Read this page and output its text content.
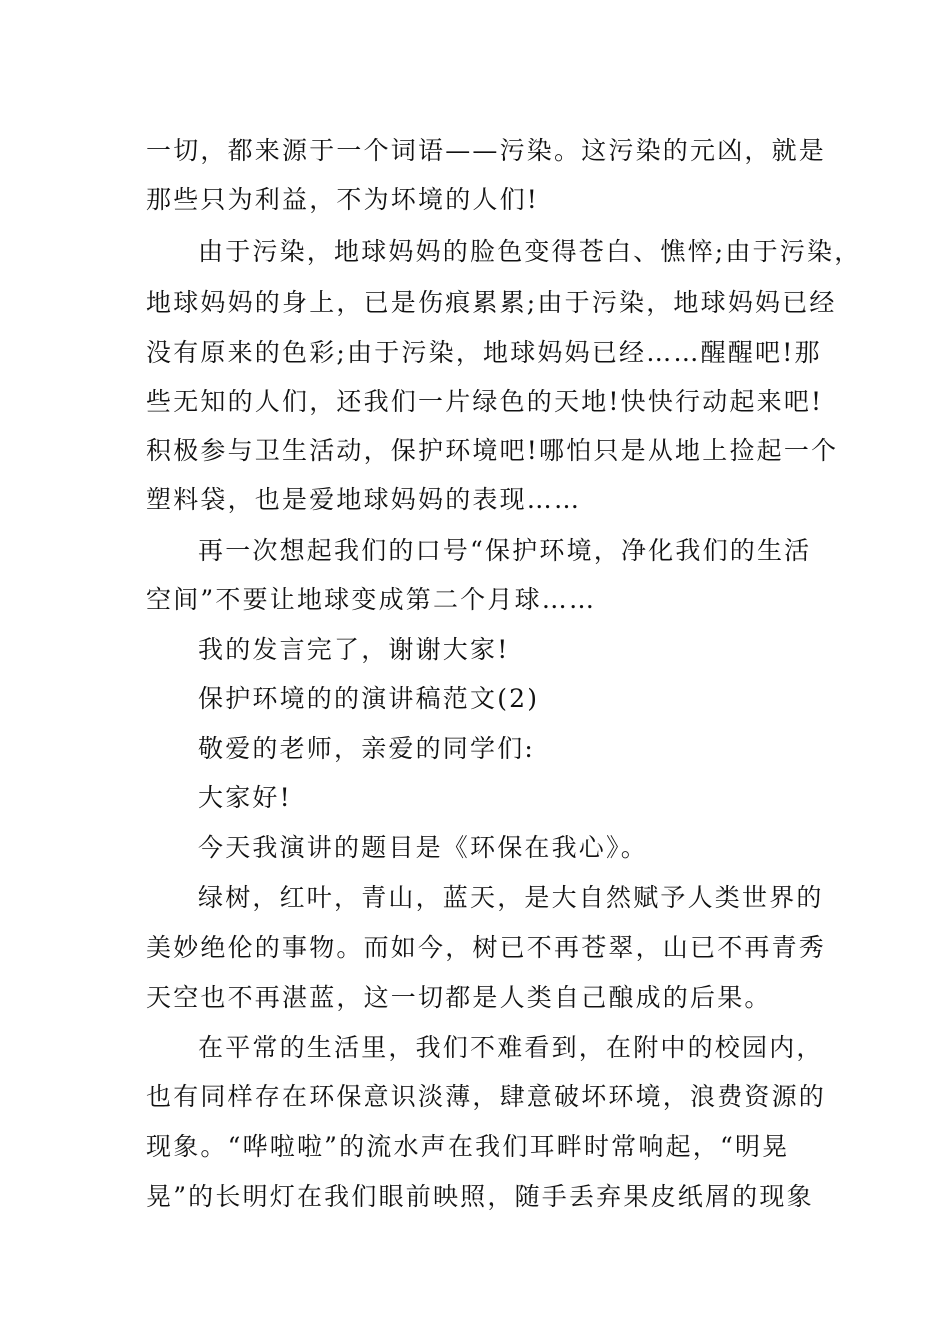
一切，都来源于一个词语——污染。这污染的元凶，就是
那些只为利益，不为坏境的人们!
由于污染，地球妈妈的脸色变得苍白、憔悴;由于污染，
地球妈妈的身上，已是伤痕累累;由于污染，地球妈妈已经
没有原来的色彩;由于污染，地球妈妈已经……醒醒吧!那
些无知的人们，还我们一片绿色的天地!快快行动起来吧!
积极参与卫生活动，保护环境吧!哪怕只是从地上捡起一个
塑料袋，也是爱地球妈妈的表现……
再一次想起我们的口号“保护环境，净化我们的生活
空间”不要让地球变成第二个月球……
我的发言完了，谢谢大家!
保护环境的的演讲稿范文(2)
敬爱的老师，亲爱的同学们:
大家好!
今天我演讲的题目是《环保在我心》。
绿树，红叶，青山，蓝天，是大自然赋予人类世界的
美妙绝伦的事物。而如今，树已不再苍翠，山已不再青秀
天空也不再湛蓝，这一切都是人类自己酿成的后果。
在平常的生活里，我们不难看到，在附中的校园内，
也有同样存在环保意识淡薄，肆意破坏环境，浪费资源的
现象。“哗啦啦”的流水声在我们耳畔时常响起，“明晃
晃”的长明灯在我们眼前映照，随手丢弃果皮纸屑的现象
